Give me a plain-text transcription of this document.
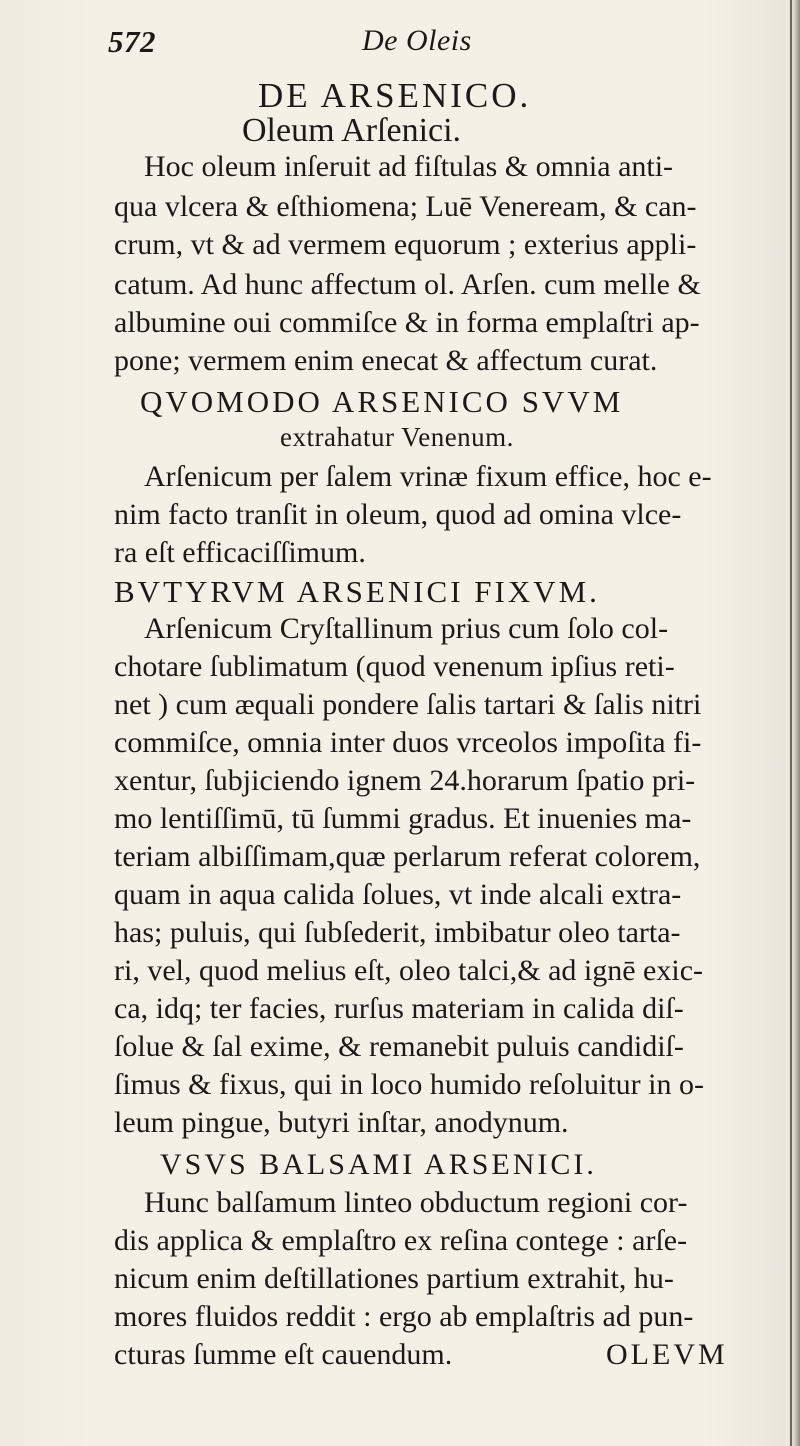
572	De Oleis
DE ARSENICO.
Oleum Arſenici.
Hoc oleum inſeruit ad fiſtulas & omnia anti-
qua vlcera & eſthiomena; Luē Veneream, & can-
crum, vt & ad vermem equorum ; exterius appli-
catum. Ad hunc affectum ol. Arſen. cum melle &
albumine oui commiſce & in forma emplaſtri ap-
pone; vermem enim enecat & affectum curat.
QVOMODO ARSENICO SVVM
extrahatur Venenum.
Arſenicum per ſalem vrinæ fixum effice, hoc e-
nim facto tranſit in oleum, quod ad omina vlce-
ra eſt efficaciſſimum.
BVTYRVM ARSENICI FIXVM.
Arſenicum Cryſtallinum prius cum ſolo col-
chotare ſublimatum (quod venenum ipſius reti-
net ) cum æquali pondere ſalis tartari & ſalis nitri
commiſce, omnia inter duos vrceolos impoſita fi-
xentur, ſubjiciendo ignem 24.horarum ſpatio pri-
mo lentiſſimū, tū ſummi gradus. Et inuenies ma-
teriam albiſſimam,quæ perlarum referat colorem,
quam in aqua calida ſolues, vt inde alcali extra-
has; puluis, qui ſubſederit, imbibatur oleo tarta-
ri, vel, quod melius eſt, oleo talci,& ad ignē exic-
ca, idq; ter facies, rurſus materiam in calida diſ-
ſolue & ſal exime, & remanebit puluis candidiſ-
ſimus & fixus, qui in loco humido reſoluitur in o-
leum pingue, butyri inſtar, anodynum.
VSVS BALSAMI ARSENICI.
Hunc balſamum linteo obductum regioni cor-
dis applica & emplaſtro ex reſina contege : arſe-
nicum enim deſtillationes partium extrahit, hu-
mores fluidos reddit : ergo ab emplaſtris ad pun-
cturas ſumme eſt cauendum.	OLEVM
